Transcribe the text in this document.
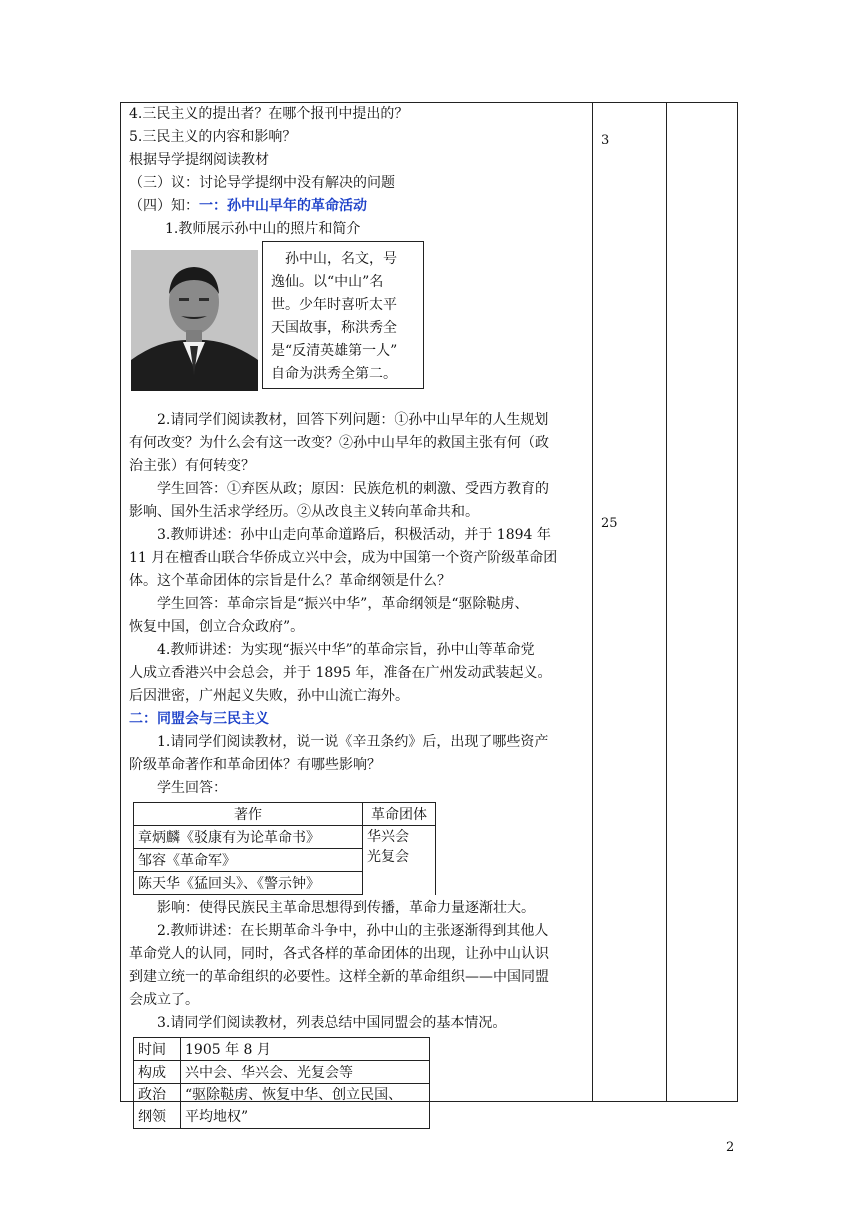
4.三民主义的提出者？在哪个报刊中提出的？

5.三民主义的内容和影响？

根据导学提纲阅读教材

（三）议：讨论导学提纲中没有解决的问题

（四）知：一：孙中山早年的革命活动

1.教师展示孙中山的照片和简介

2.请同学们阅读教材，回答下列问题：①孙中山早年的人生规划

有何改变？为什么会有这一改变？②孙中山早年的救国主张有何（政

治主张）有何转变？

学生回答：①弃医从政；原因：民族危机的刺激、受西方教育的

影响、国外生活求学经历。②从改良主义转向革命共和。

3.教师讲述：孙中山走向革命道路后，积极活动，并于 1894 年

11 月在檀香山联合华侨成立兴中会，成为中国第一个资产阶级革命团

体。这个革命团体的宗旨是什么？革命纲领是什么？

学生回答：革命宗旨是“振兴中华”，革命纲领是“驱除鞑虏、

恢复中国，创立合众政府”。

4.教师讲述：为实现“振兴中华”的革命宗旨，孙中山等革命党

人成立香港兴中会总会，并于 1895 年，准备在广州发动武装起义。

后因泄密，广州起义失败，孙中山流亡海外。

二：同盟会与三民主义

1.请同学们阅读教材，说一说《辛丑条约》后，出现了哪些资产

阶级革命著作和革命团体？有哪些影响？

学生回答：

著作	革命团体
章炳麟《驳康有为论革命书》	华兴会
光复会

邹容《革命军》	
陈天华《猛回头》、《警示钟》	

影响：使得民族民主革命思想得到传播，革命力量逐渐壮大。

2.教师讲述：在长期革命斗争中，孙中山的主张逐渐得到其他人

革命党人的认同，同时，各式各样的革命团体的出现，让孙中山认识

到建立统一的革命组织的必要性。这样全新的革命组织——中国同盟

会成立了。

3.请同学们阅读教材，列表总结中国同盟会的基本情况。

时间	1905 年 8 月
构成	兴中会、华兴会、光复会等
政治纲领	“驱除鞑虏、恢复中华、创立民国、
平均地权”

孙中山，名文，号

逸仙。以“中山”名

世。少年时喜听太平

天国故事，称洪秀全

是“反清英雄第一人”

自命为洪秀全第二。

3
25
2
